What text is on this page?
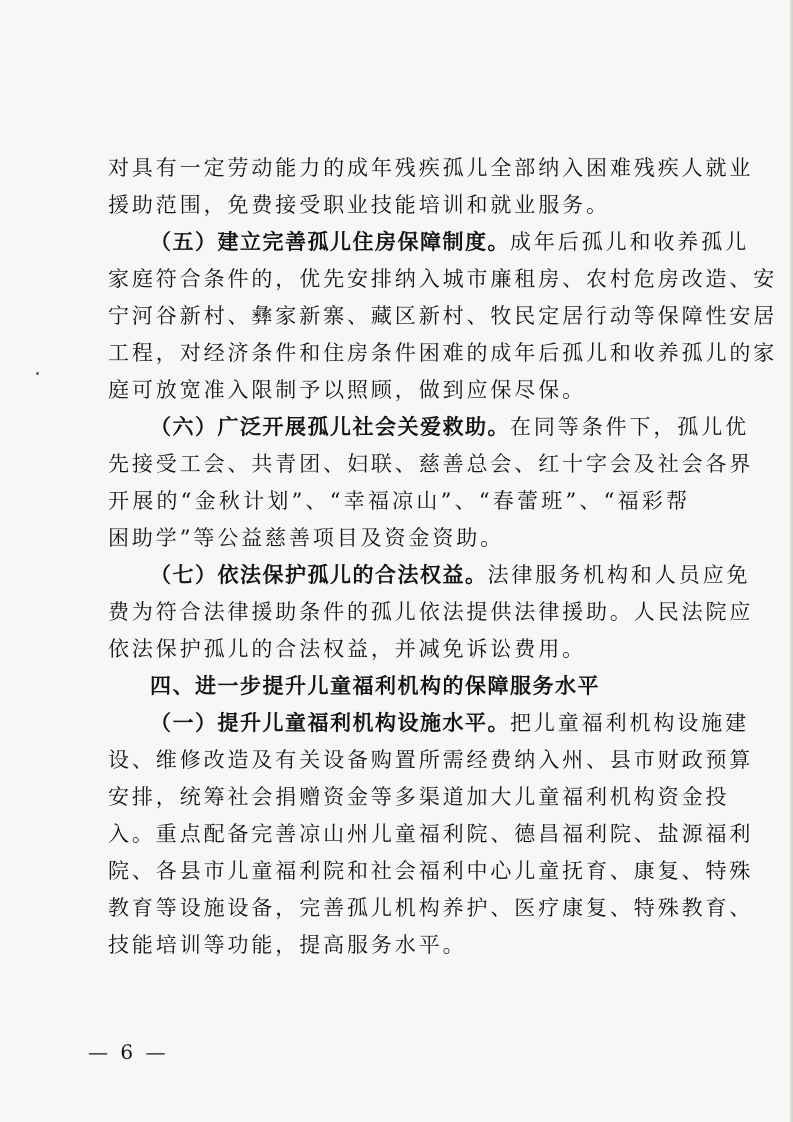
对具有一定劳动能力的成年残疾孤儿全部纳入困难残疾人就业
援助范围，免费接受职业技能培训和就业服务。
（五）建立完善孤儿住房保障制度。成年后孤儿和收养孤儿
家庭符合条件的，优先安排纳入城市廉租房、农村危房改造、安
宁河谷新村、彝家新寨、藏区新村、牧民定居行动等保障性安居
工程，对经济条件和住房条件困难的成年后孤儿和收养孤儿的家
庭可放宽准入限制予以照顾，做到应保尽保。
（六）广泛开展孤儿社会关爱救助。在同等条件下，孤儿优
先接受工会、共青团、妇联、慈善总会、红十字会及社会各界
开展的“金秋计划”、“幸福凉山”、“春蕾班”、“福彩帮
困助学”等公益慈善项目及资金资助。
（七）依法保护孤儿的合法权益。法律服务机构和人员应免
费为符合法律援助条件的孤儿依法提供法律援助。人民法院应
依法保护孤儿的合法权益，并减免诉讼费用。
四、进一步提升儿童福利机构的保障服务水平
（一）提升儿童福利机构设施水平。把儿童福利机构设施建
设、维修改造及有关设备购置所需经费纳入州、县市财政预算
安排，统筹社会捐赠资金等多渠道加大儿童福利机构资金投
入。重点配备完善凉山州儿童福利院、德昌福利院、盐源福利
院、各县市儿童福利院和社会福利中心儿童抚育、康复、特殊
教育等设施设备，完善孤儿机构养护、医疗康复、特殊教育、
技能培训等功能，提高服务水平。
— 6 —
